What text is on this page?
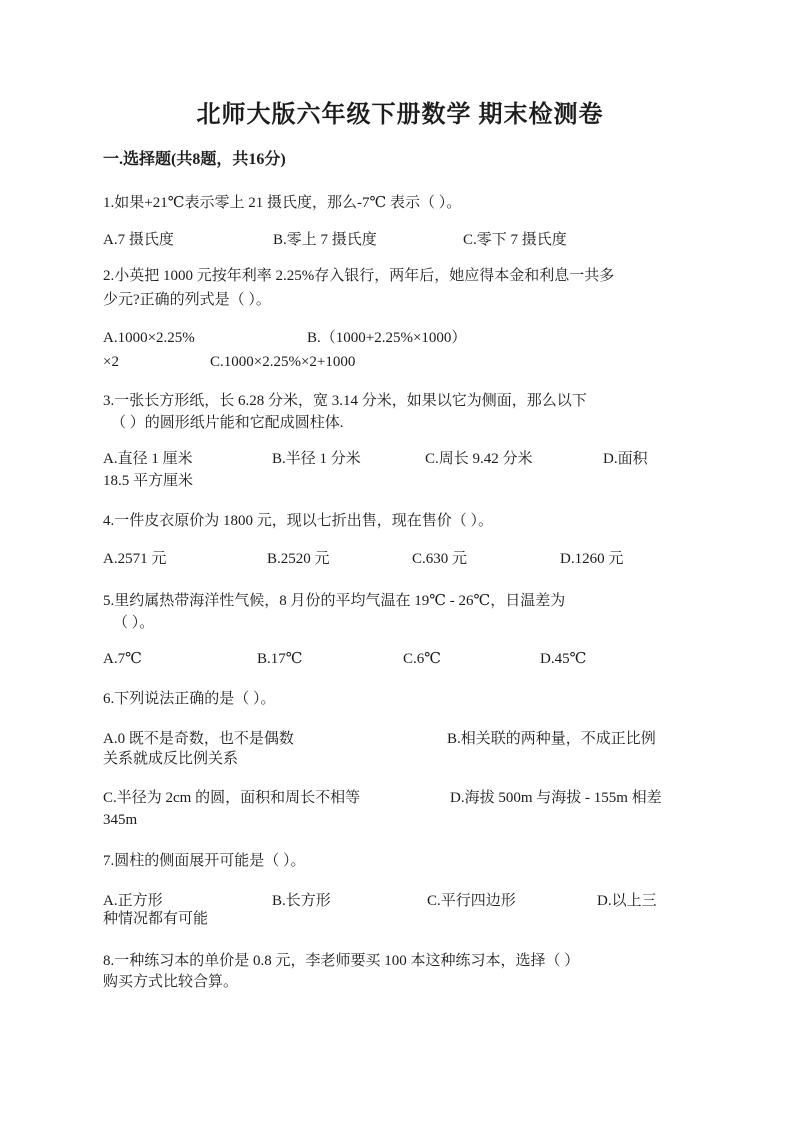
北师大版六年级下册数学 期末检测卷
一.选择题(共8题，共16分)
1.如果+21℃表示零上 21 摄氏度，那么-7℃ 表示（ ）。
A.7 摄氏度	B.零上 7 摄氏度	C.零下 7 摄氏度
2.小英把 1000 元按年利率 2.25%存入银行，两年后，她应得本金和利息一共多
少元?正确的列式是（ ）。
A.1000×2.25%	B.（1000+2.25%×1000）
×2	C.1000×2.25%×2+1000
3.一张长方形纸，长 6.28 分米，宽 3.14 分米，如果以它为侧面，那么以下
（ ）的圆形纸片能和它配成圆柱体.
A.直径 1 厘米	B.半径 1 分米	C.周长 9.42 分米	D.面积
18.5 平方厘米
4.一件皮衣原价为 1800 元，现以七折出售，现在售价（ ）。
A.2571 元	B.2520 元	C.630 元	D.1260 元
5.里约属热带海洋性气候，8 月份的平均气温在 19℃ - 26℃，日温差为
（ ）。
A.7℃	B.17℃	C.6℃	D.45℃
6.下列说法正确的是（ ）。
A.0 既不是奇数，也不是偶数	B.相关联的两种量，不成正比例
关系就成反比例关系
C.半径为 2cm 的圆，面积和周长不相等	D.海拔 500m 与海拔 - 155m 相差
345m
7.圆柱的侧面展开可能是（ ）。
A.正方形	B.长方形	C.平行四边形	D.以上三
种情况都有可能
8.一种练习本的单价是 0.8 元，李老师要买 100 本这种练习本，选择（ ）
购买方式比较合算。
